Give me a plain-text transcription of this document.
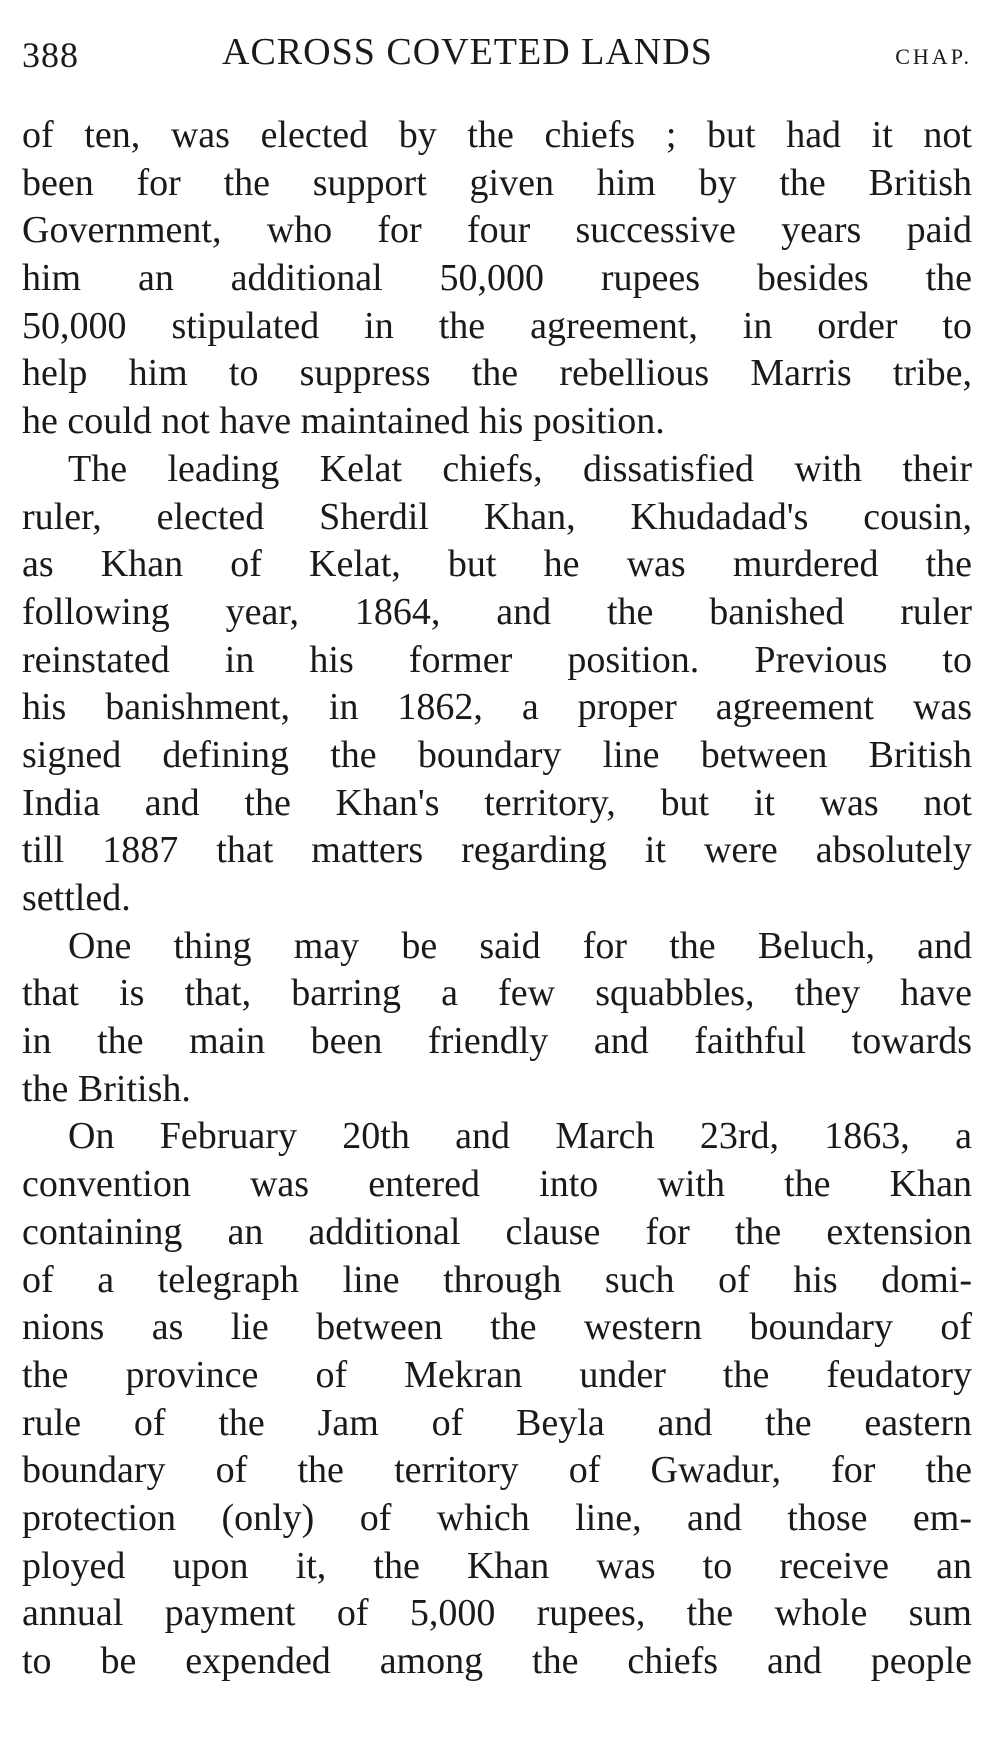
388	ACROSS COVETED LANDS	CHAP.
of ten, was elected by the chiefs ; but had it not
been for the support given him by the British
Government, who for four successive years paid
him an additional 50,000 rupees besides the
50,000 stipulated in the agreement, in order to
help him to suppress the rebellious Marris tribe,
he could not have maintained his position.
The leading Kelat chiefs, dissatisfied with their
ruler, elected Sherdil Khan, Khudadad's cousin,
as Khan of Kelat, but he was murdered the
following year, 1864, and the banished ruler
reinstated in his former position. Previous to
his banishment, in 1862, a proper agreement was
signed defining the boundary line between British
India and the Khan's territory, but it was not
till 1887 that matters regarding it were absolutely
settled.
One thing may be said for the Beluch, and
that is that, barring a few squabbles, they have
in the main been friendly and faithful towards
the British.
On February 20th and March 23rd, 1863, a
convention was entered into with the Khan
containing an additional clause for the extension
of a telegraph line through such of his domi-
nions as lie between the western boundary of
the province of Mekran under the feudatory
rule of the Jam of Beyla and the eastern
boundary of the territory of Gwadur, for the
protection (only) of which line, and those em-
ployed upon it, the Khan was to receive an
annual payment of 5,000 rupees, the whole sum
to be expended among the chiefs and people
